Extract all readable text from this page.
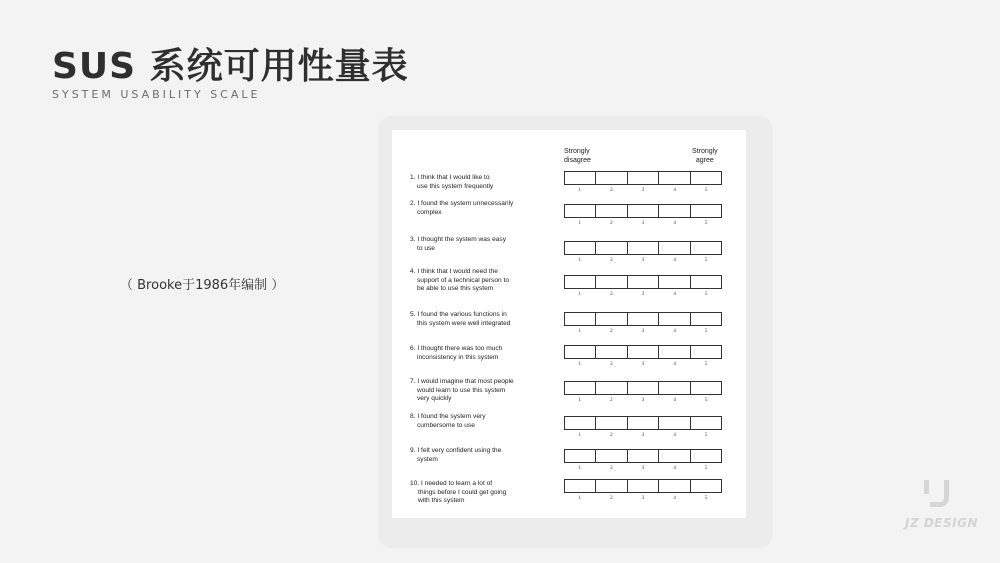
SUS 系统可用性量表
SYSTEM USABILITY SCALE
（ Brooke于1986年编制 ）
Strongly
disagree
Strongly
agree
1. I think that I would like to
use this system frequently
1	2	3	4	5
2. I found the system unnecessarily
complex
1	2	3	4	5
3. I thought the system was easy
to use
1	2	3	4	5
4. I think that I would need the
support of a technical person to
be able to use this system
1	2	3	4	5
5. I found the various functions in
this system were well integrated
1	2	3	4	5
6. I thought there was too much
inconsistency in this system
1	2	3	4	5
7. I would imagine that most people
would learn to use this system
very quickly	1	2	3	4	5
8. I found the system very
cumbersome to use
1	2	3	4	5
9. I felt very confident using the
system
1	2	3	4	5
10. I needed to learn a lot of
things before I could get going
with this system	1	2	3	4	5
JZ DESIGN
